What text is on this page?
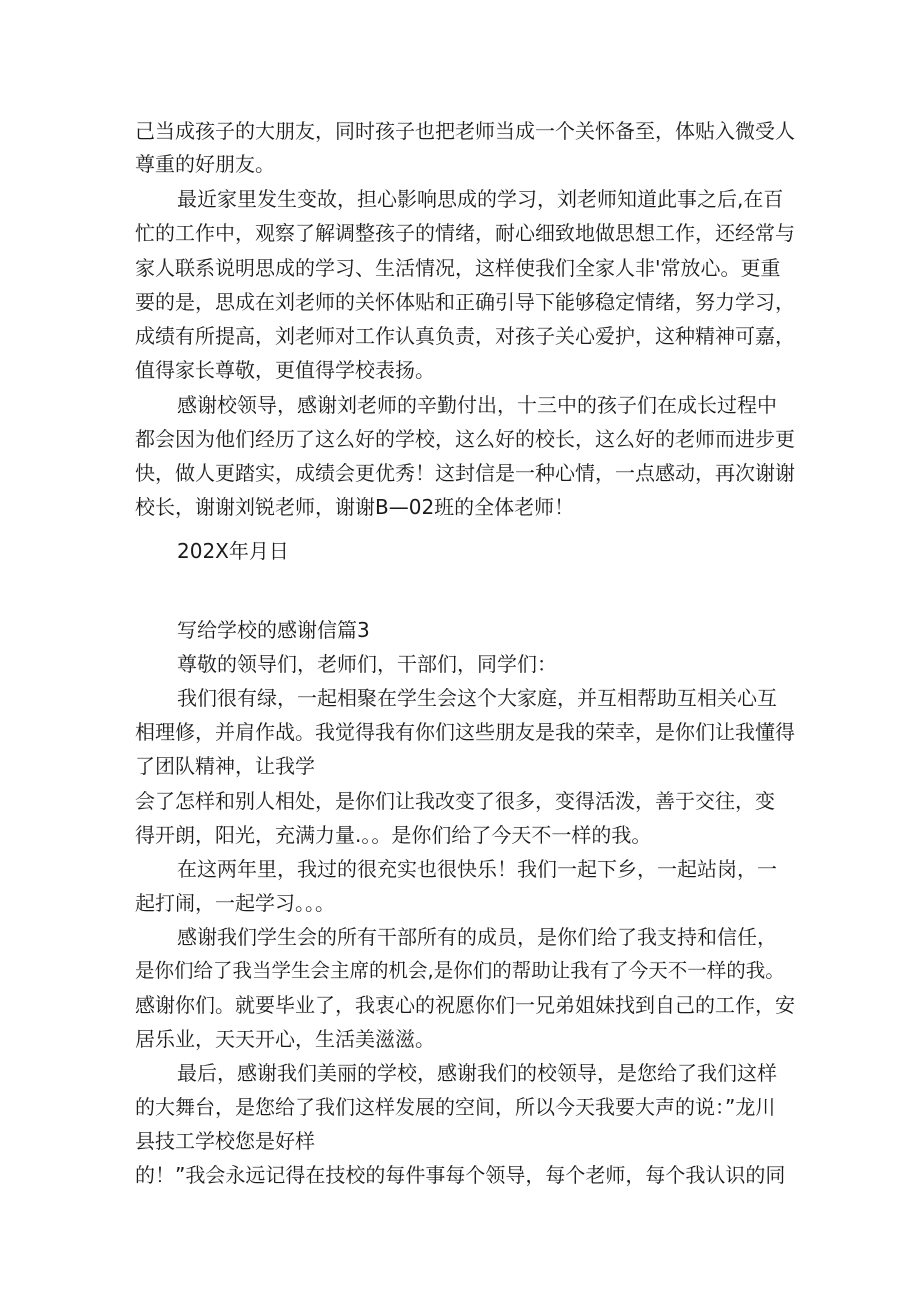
己当成孩子的大朋友，同时孩子也把老师当成一个关怀备至，体贴入微受人
尊重的好朋友。
最近家里发生变故，担心影响思成的学习，刘老师知道此事之后,在百
忙的工作中，观察了解调整孩子的情绪，耐心细致地做思想工作，还经常与
家人联系说明思成的学习、生活情况，这样使我们全家人非'常放心。更重
要的是，思成在刘老师的关怀体贴和正确引导下能够稳定情绪，努力学习，
成绩有所提高，刘老师对工作认真负责，对孩子关心爱护，这种精神可嘉，
值得家长尊敬，更值得学校表扬。
感谢校领导，感谢刘老师的辛勤付出，十三中的孩子们在成长过程中
都会因为他们经历了这么好的学校，这么好的校长，这么好的老师而进步更
快，做人更踏实，成绩会更优秀！这封信是一种心情，一点感动，再次谢谢
校长，谢谢刘锐老师，谢谢B—02班的全体老师！
202X年月日
写给学校的感谢信篇3
尊敬的领导们，老师们，干部们，同学们：
我们很有绿，一起相聚在学生会这个大家庭，并互相帮助互相关心互
相理修，并肩作战。我觉得我有你们这些朋友是我的荣幸，是你们让我懂得
了团队精神，让我学
会了怎样和别人相处，是你们让我改变了很多，变得活泼，善于交往，变
得开朗，阳光，充满力量.。。是你们给了今天不一样的我。
在这两年里，我过的很充实也很快乐！我们一起下乡，一起站岗，一
起打闹，一起学习。。。
感谢我们学生会的所有干部所有的成员，是你们给了我支持和信任，
是你们给了我当学生会主席的机会,是你们的帮助让我有了今天不一样的我。
感谢你们。就要毕业了，我衷心的祝愿你们一兄弟姐妹找到自己的工作，安
居乐业，天天开心，生活美滋滋。
最后，感谢我们美丽的学校，感谢我们的校领导，是您给了我们这样
的大舞台，是您给了我们这样发展的空间，所以今天我要大声的说：”龙川
县技工学校您是好样
的！”我会永远记得在技校的每件事每个领导，每个老师，每个我认识的同
